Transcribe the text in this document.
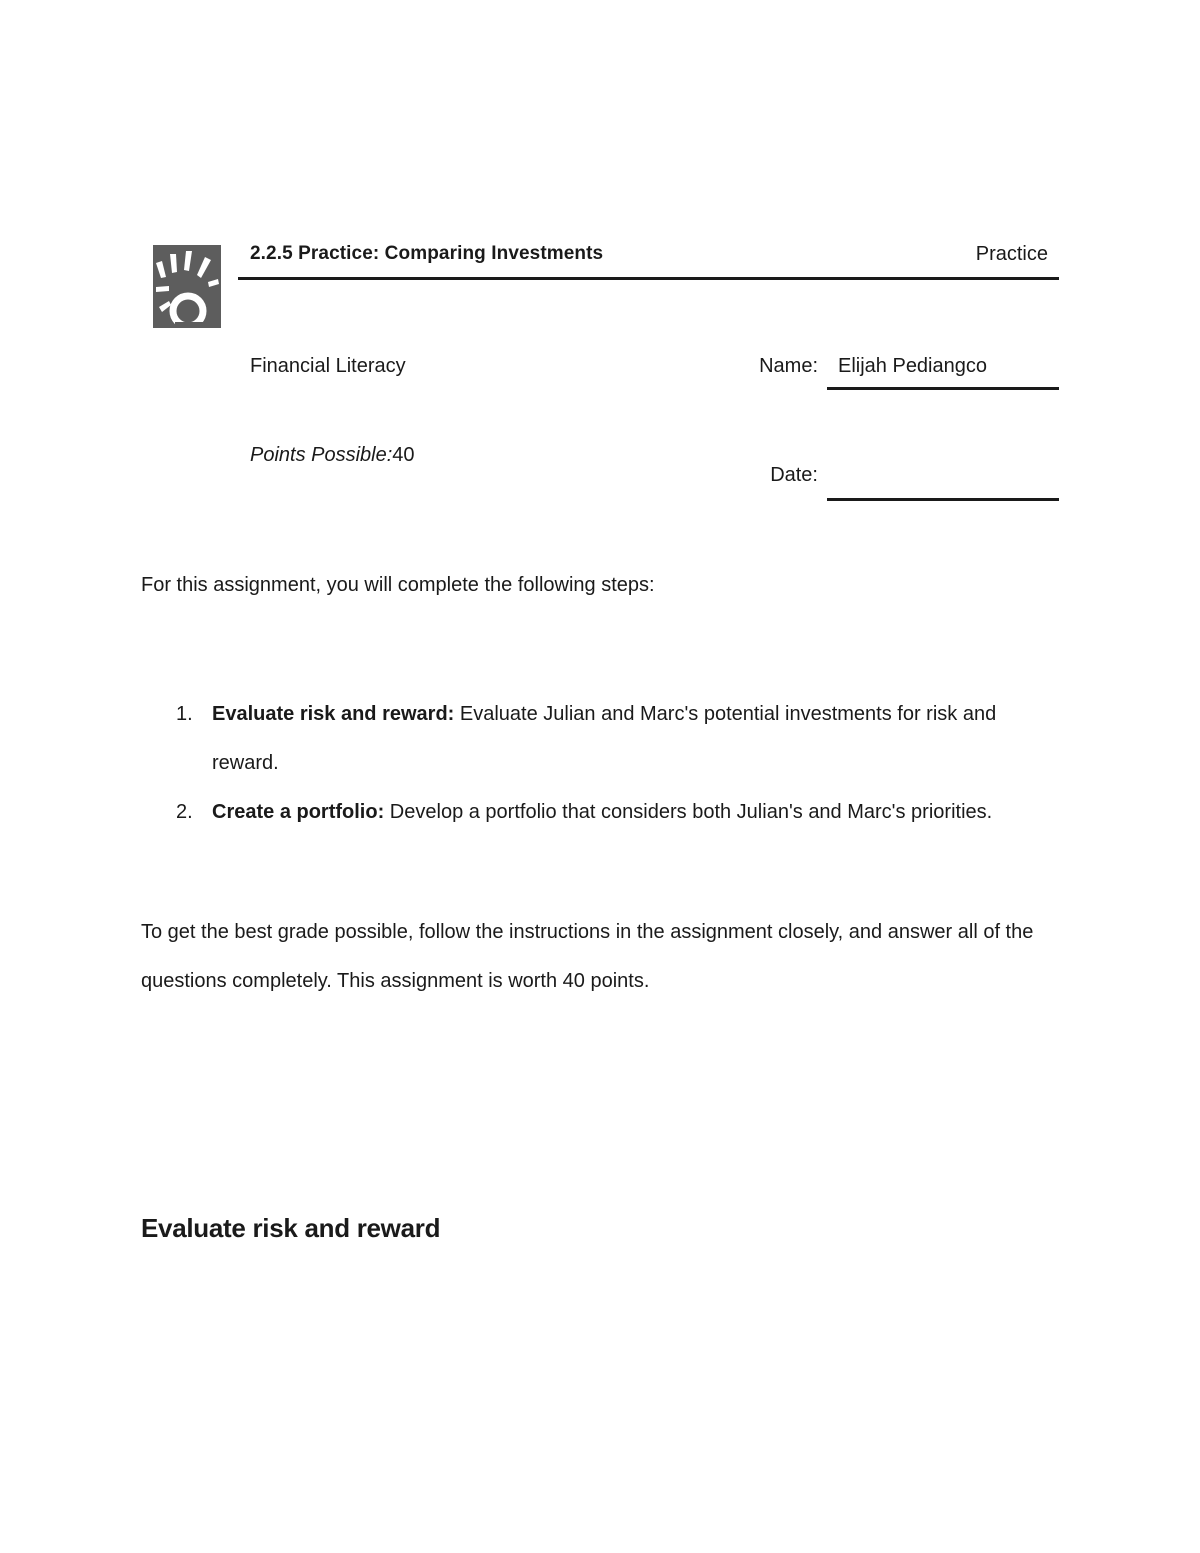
2.2.5 Practice: Comparing Investments	Practice
Financial Literacy
Points Possible:40
Name: Elijah Pediangco
Date:
For this assignment, you will complete the following steps:
1. Evaluate risk and reward: Evaluate Julian and Marc's potential investments for risk and reward.
2. Create a portfolio: Develop a portfolio that considers both Julian's and Marc's priorities.

To get the best grade possible, follow the instructions in the assignment closely, and answer all of the questions completely. This assignment is worth 40 points.

Evaluate risk and reward
